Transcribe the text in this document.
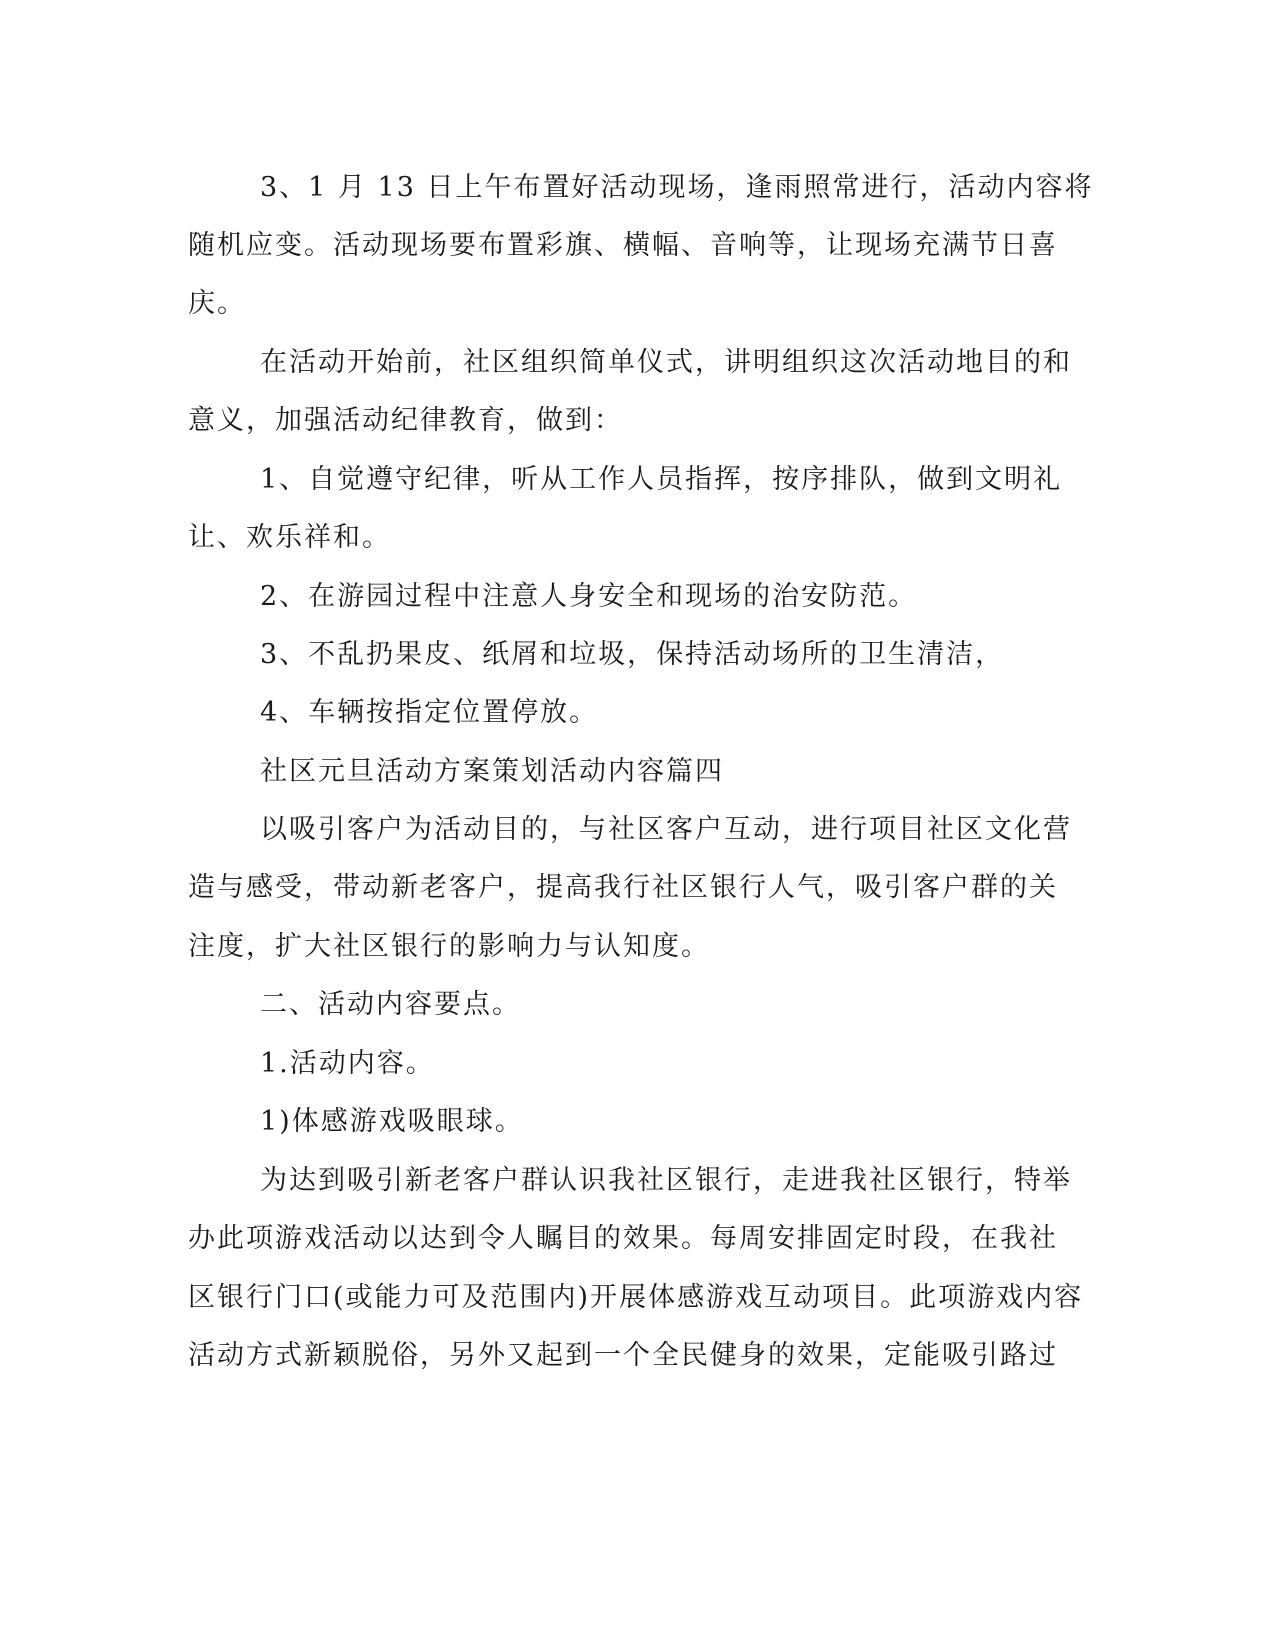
3、1 月 13 日上午布置好活动现场，逢雨照常进行，活动内容将
随机应变。活动现场要布置彩旗、横幅、音响等，让现场充满节日喜
庆。
在活动开始前，社区组织简单仪式，讲明组织这次活动地目的和
意义，加强活动纪律教育，做到：
1、自觉遵守纪律，听从工作人员指挥，按序排队，做到文明礼
让、欢乐祥和。
2、在游园过程中注意人身安全和现场的治安防范。
3、不乱扔果皮、纸屑和垃圾，保持活动场所的卫生清洁，
4、车辆按指定位置停放。
社区元旦活动方案策划活动内容篇四
以吸引客户为活动目的，与社区客户互动，进行项目社区文化营
造与感受，带动新老客户，提高我行社区银行人气，吸引客户群的关
注度，扩大社区银行的影响力与认知度。
二、活动内容要点。
1.活动内容。
1)体感游戏吸眼球。
为达到吸引新老客户群认识我社区银行，走进我社区银行，特举
办此项游戏活动以达到令人瞩目的效果。每周安排固定时段，在我社
区银行门口(或能力可及范围内)开展体感游戏互动项目。此项游戏内容
活动方式新颖脱俗，另外又起到一个全民健身的效果，定能吸引路过
